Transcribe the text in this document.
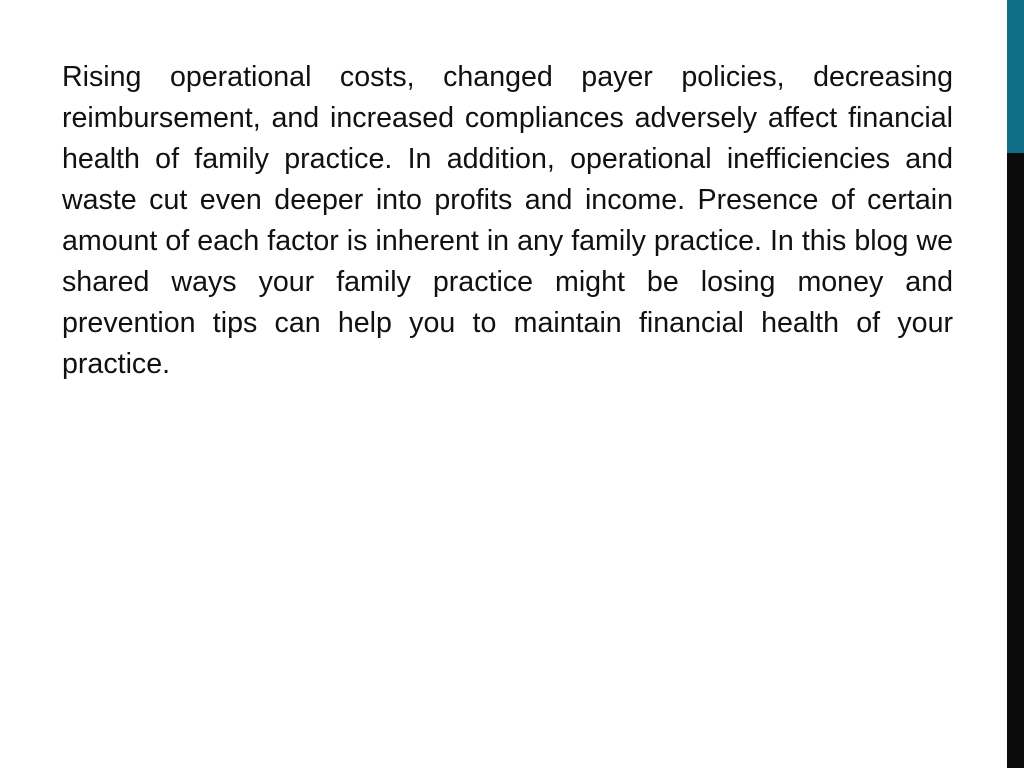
Rising operational costs, changed payer policies, decreasing reimbursement, and increased compliances adversely affect financial health of family practice. In addition, operational inefficiencies and waste cut even deeper into profits and income. Presence of certain amount of each factor is inherent in any family practice. In this blog we shared ways your family practice might be losing money and prevention tips can help you to maintain financial health of your practice.
